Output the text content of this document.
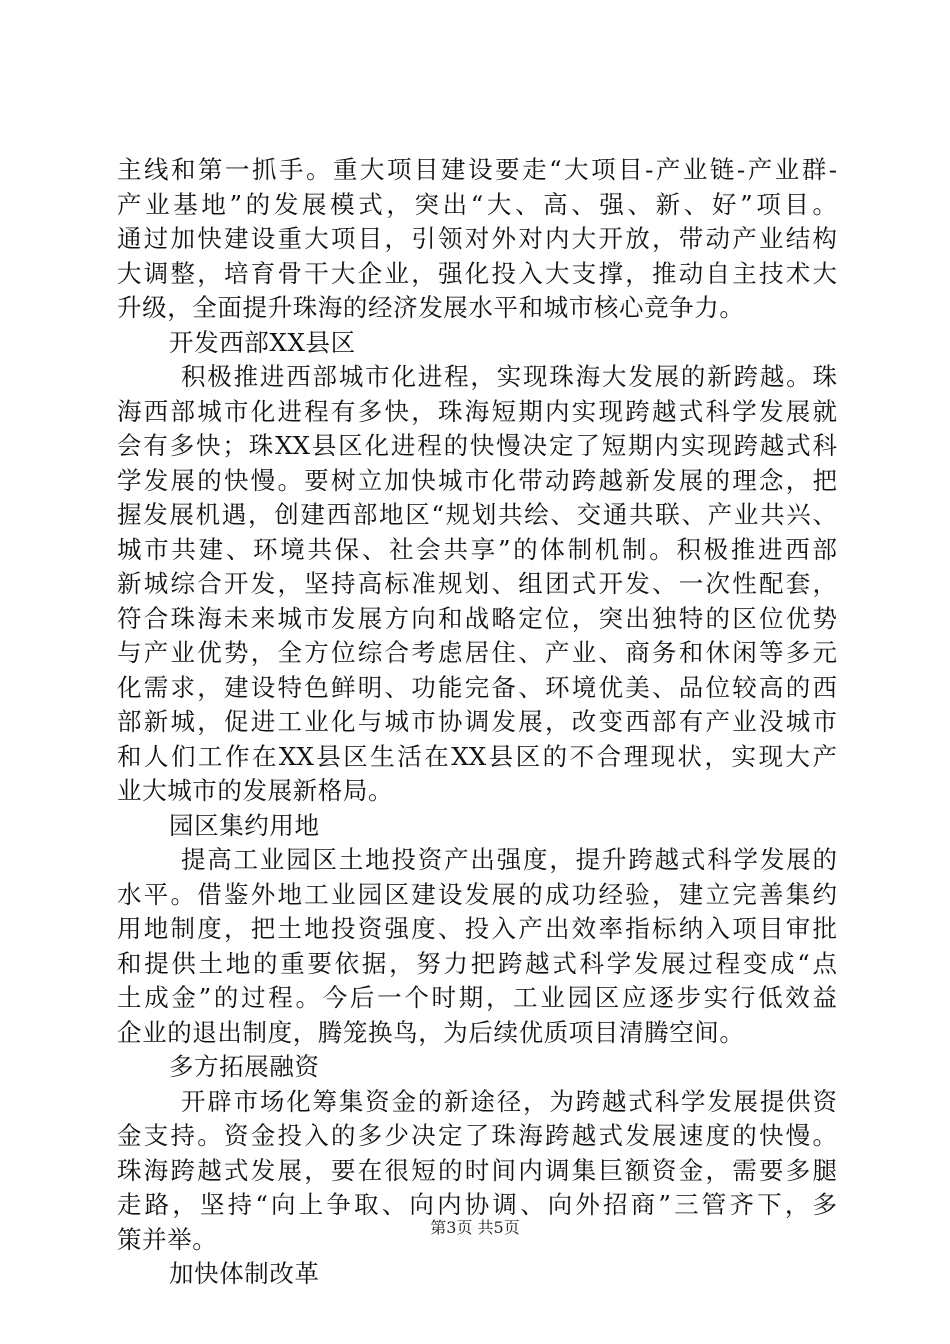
主线和第一抓手。重大项目建设要走“大项目-产业链-产业群-
产业基地”的发展模式，突出“大、高、强、新、好”项目。
通过加快建设重大项目，引领对外对内大开放，带动产业结构
大调整，培育骨干大企业，强化投入大支撑，推动自主技术大
升级，全面提升珠海的经济发展水平和城市核心竞争力。
开发西部XX县区
积极推进西部城市化进程，实现珠海大发展的新跨越。珠
海西部城市化进程有多快，珠海短期内实现跨越式科学发展就
会有多快；珠XX县区化进程的快慢决定了短期内实现跨越式科
学发展的快慢。要树立加快城市化带动跨越新发展的理念，把
握发展机遇，创建西部地区“规划共绘、交通共联、产业共兴、
城市共建、环境共保、社会共享”的体制机制。积极推进西部
新城综合开发，坚持高标准规划、组团式开发、一次性配套，
符合珠海未来城市发展方向和战略定位，突出独特的区位优势
与产业优势，全方位综合考虑居住、产业、商务和休闲等多元
化需求，建设特色鲜明、功能完备、环境优美、品位较高的西
部新城，促进工业化与城市协调发展，改变西部有产业没城市
和人们工作在XX县区生活在XX县区的不合理现状，实现大产
业大城市的发展新格局。
园区集约用地
提高工业园区土地投资产出强度，提升跨越式科学发展的
水平。借鉴外地工业园区建设发展的成功经验，建立完善集约
用地制度，把土地投资强度、投入产出效率指标纳入项目审批
和提供土地的重要依据，努力把跨越式科学发展过程变成“点
土成金”的过程。今后一个时期，工业园区应逐步实行低效益
企业的退出制度，腾笼换鸟，为后续优质项目清腾空间。
多方拓展融资
开辟市场化筹集资金的新途径，为跨越式科学发展提供资
金支持。资金投入的多少决定了珠海跨越式发展速度的快慢。
珠海跨越式发展，要在很短的时间内调集巨额资金，需要多腿
走路，坚持“向上争取、向内协调、向外招商”三管齐下，多
策并举。
加快体制改革
第3页 共5页
